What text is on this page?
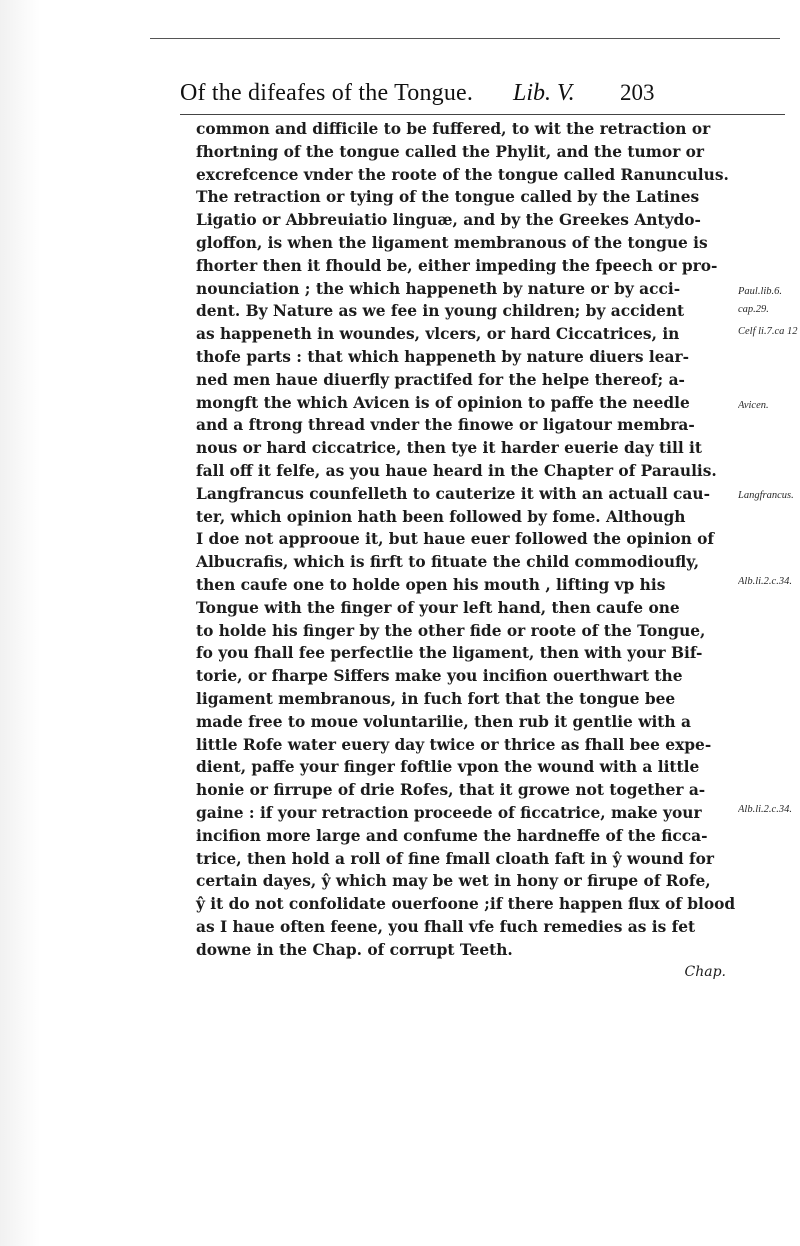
Of the difeafes of the Tongue. Lib. V. 203
common and difficile to be fuffered, to wit the retraction or
fhortning of the tongue called the Phylit, and the tumor or
excrefcence vnder the roote of the tongue called Ranunculus.
The retraction or tying of the tongue called by the Latines
Ligatio or Abbreuiatio linguæ, and by the Greekes Antydo-
gloffon, is when the ligament membranous of the tongue is
fhorter then it fhould be, either impeding the fpeech or pro-
nounciation ; the which happeneth by nature or by acci-
dent. By Nature as we fee in young children; by accident
as happeneth in woundes, vlcers, or hard Ciccatrices, in
thofe parts : that which happeneth by nature diuers lear-
ned men haue diuerfly practifed for the helpe thereof; a-
mongft the which Avicen is of opinion to paffe the needle
and a ftrong thread vnder the finowe or ligatour membra-
nous or hard ciccatrice, then tye it harder euerie day till it
fall off it felfe, as you haue heard in the Chapter of Paraulis.
Langfrancus counfelleth to cauterize it with an actuall cau-
ter, which opinion hath been followed by fome. Although
I doe not approoue it, but haue euer followed the opinion of
Albucrafis, which is firft to fituate the child commodioufly,
then caufe one to holde open his mouth , lifting vp his
Tongue with the finger of your left hand, then caufe one
to holde his finger by the other fide or roote of the Tongue,
fo you fhall fee perfectlie the ligament, then with your Bif-
torie, or fharpe Siffers make you incifion ouerthwart the
ligament membranous, in fuch fort that the tongue bee
made free to moue voluntarilie, then rub it gentlie with a
little Rofe water euery day twice or thrice as fhall bee expe-
dient, paffe your finger foftlie vpon the wound with a little
honie or firrupe of drie Rofes, that it growe not together a-
gaine : if your retraction proceede of ficcatrice, make your
incifion more large and confume the hardneffe of the ficca-
trice, then hold a roll of fine fmall cloath faft in ŷ wound for
certain dayes, ŷ which may be wet in hony or firupe of Rofe,
ŷ it do not confolidate ouerfoone ;if there happen flux of blood
as I haue often feene, you fhall vfe fuch remedies as is fet
downe in the Chap. of corrupt Teeth.
Chap.
Paul.lib.6.
cap.29.
Celf li.7.ca 12
Avicen.
Langfrancus.
Alb.li.2.c.34.
Alb.li.2.c.34.
